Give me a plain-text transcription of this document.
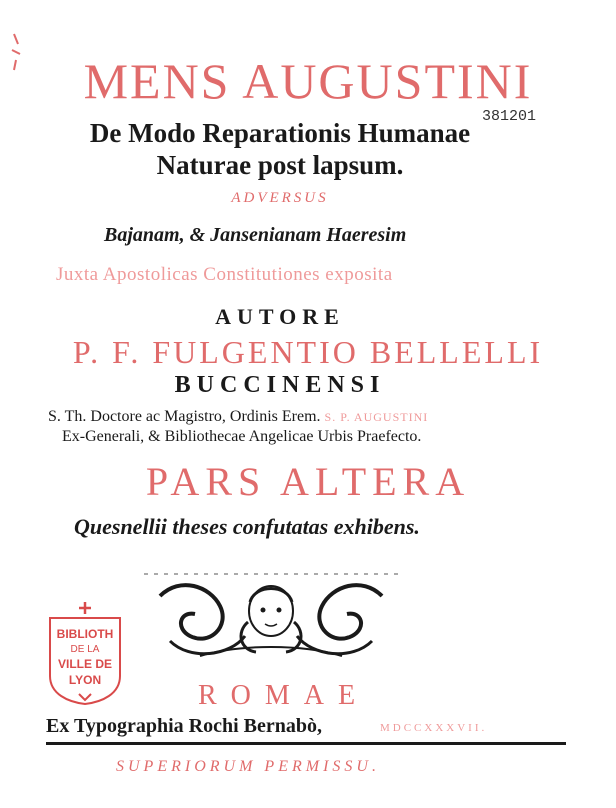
MENS AUGUSTINI
381201
De Modo Reparationis Humanae
Naturae post lapsum.
ADVERSUS
Bajanam, & Jansenianam Haeresim
Juxta Apostolicas Constitutiones exposita
AUTORE
P. F. FULGENTIO BELLELLI
BUCCINENSI
S. Th. Doctore ac Magistro, Ordinis Erem. S. P. AUGUSTINI
Ex-Generali, & Bibliothecae Angelicae Urbis Praefecto.
PARS ALTERA
Quesnellii theses confutatas exhibens.
BIBLIOTH
DE LA
VILLE DE
LYON	ROMAE
Ex Typographia Rochi Bernabò,	MDCCXXXVII.
SUPERIORUM PERMISSU.
